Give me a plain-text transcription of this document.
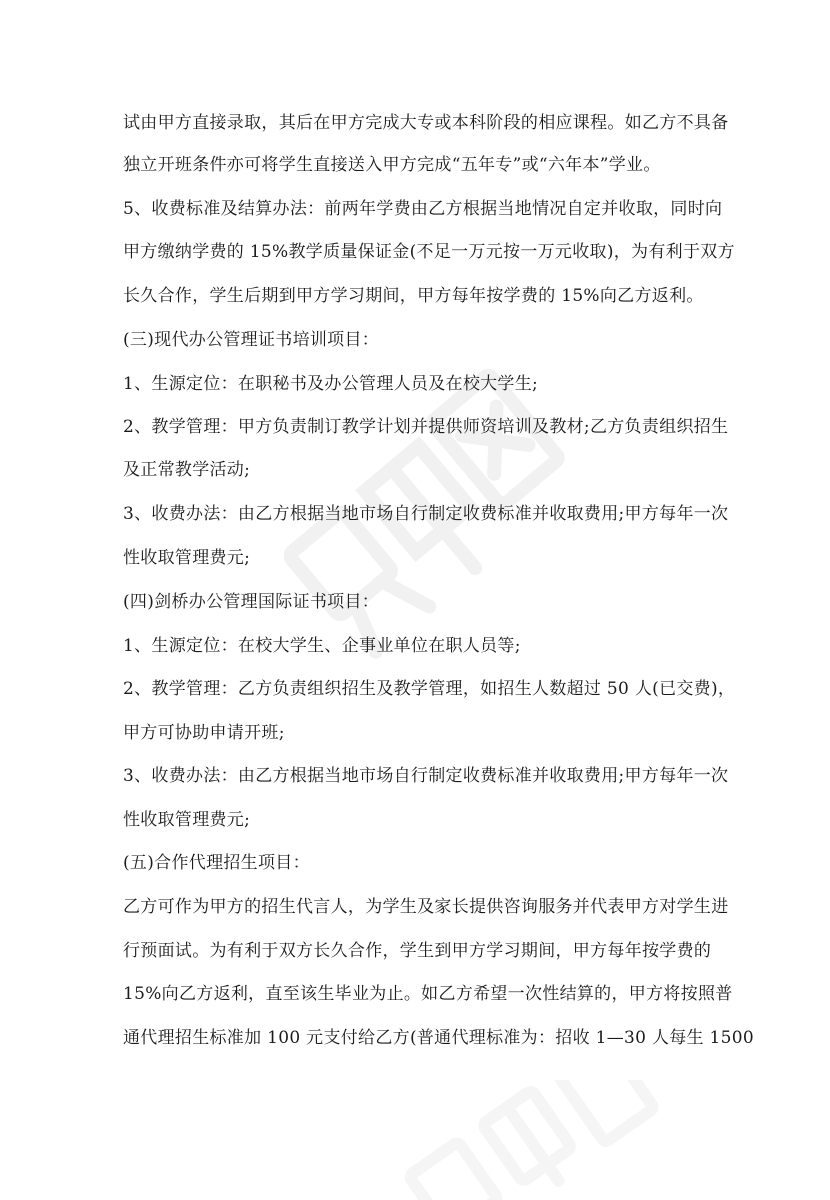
试由甲方直接录取，其后在甲方完成大专或本科阶段的相应课程。如乙方不具备
独立开班条件亦可将学生直接送入甲方完成“五年专”或“六年本”学业。
5、收费标准及结算办法：前两年学费由乙方根据当地情况自定并收取，同时向
甲方缴纳学费的 15%教学质量保证金(不足一万元按一万元收取)，为有利于双方
长久合作，学生后期到甲方学习期间，甲方每年按学费的 15%向乙方返利。
(三)现代办公管理证书培训项目：
1、生源定位：在职秘书及办公管理人员及在校大学生;
2、教学管理：甲方负责制订教学计划并提供师资培训及教材;乙方负责组织招生
及正常教学活动;
3、收费办法：由乙方根据当地市场自行制定收费标准并收取费用;甲方每年一次
性收取管理费元;
(四)剑桥办公管理国际证书项目：
1、生源定位：在校大学生、企事业单位在职人员等;
2、教学管理：乙方负责组织招生及教学管理，如招生人数超过 50 人(已交费)，
甲方可协助申请开班;
3、收费办法：由乙方根据当地市场自行制定收费标准并收取费用;甲方每年一次
性收取管理费元;
(五)合作代理招生项目：
乙方可作为甲方的招生代言人，为学生及家长提供咨询服务并代表甲方对学生进
行预面试。为有利于双方长久合作，学生到甲方学习期间，甲方每年按学费的
15%向乙方返利，直至该生毕业为止。如乙方希望一次性结算的，甲方将按照普
通代理招生标准加 100 元支付给乙方(普通代理标准为：招收 1—30 人每生 1500
